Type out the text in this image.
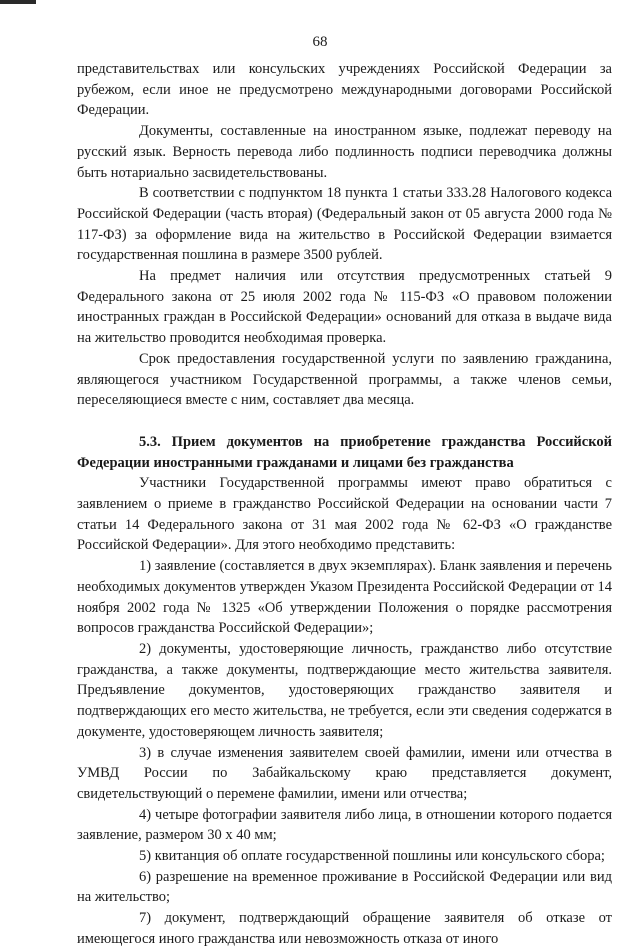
68

представительствах или консульских учреждениях Российской Федерации за рубежом, если иное не предусмотрено международными договорами Российской Федерации.

Документы, составленные на иностранном языке, подлежат переводу на русский язык. Верность перевода либо подлинность подписи переводчика должны быть нотариально засвидетельствованы.

В соответствии с подпунктом 18 пункта 1 статьи 333.28 Налогового кодекса Российской Федерации (часть вторая) (Федеральный закон от 05 августа 2000 года № 117-ФЗ) за оформление вида на жительство в Российской Федерации взимается государственная пошлина в размере 3500 рублей.

На предмет наличия или отсутствия предусмотренных статьей 9 Федерального закона от 25 июля 2002 года № 115-ФЗ «О правовом положении иностранных граждан в Российской Федерации» оснований для отказа в выдаче вида на жительство проводится необходимая проверка.

Срок предоставления государственной услуги по заявлению гражданина, являющегося участником Государственной программы, а также членов семьи, переселяющиеся вместе с ним, составляет два месяца.

5.3. Прием документов на приобретение гражданства Российской Федерации иностранными гражданами и лицами без гражданства

Участники Государственной программы имеют право обратиться с заявлением о приеме в гражданство Российской Федерации на основании части 7 статьи 14 Федерального закона от 31 мая 2002 года № 62-ФЗ «О гражданстве Российской Федерации». Для этого необходимо представить:

1) заявление (составляется в двух экземплярах). Бланк заявления и перечень необходимых документов утвержден Указом Президента Российской Федерации от 14 ноября 2002 года № 1325 «Об утверждении Положения о порядке рассмотрения вопросов гражданства Российской Федерации»;

2) документы, удостоверяющие личность, гражданство либо отсутствие гражданства, а также документы, подтверждающие место жительства заявителя. Предъявление документов, удостоверяющих гражданство заявителя и подтверждающих его место жительства, не требуется, если эти сведения содержатся в документе, удостоверяющем личность заявителя;

3) в случае изменения заявителем своей фамилии, имени или отчества в УМВД России по Забайкальскому краю представляется документ, свидетельствующий о перемене фамилии, имени или отчества;

4) четыре фотографии заявителя либо лица, в отношении которого подается заявление, размером 30 х 40 мм;

5) квитанция об оплате государственной пошлины или консульского сбора;

6) разрешение на временное проживание в Российской Федерации или вид на жительство;

7) документ, подтверждающий обращение заявителя об отказе от имеющегося иного гражданства или невозможность отказа от иного
